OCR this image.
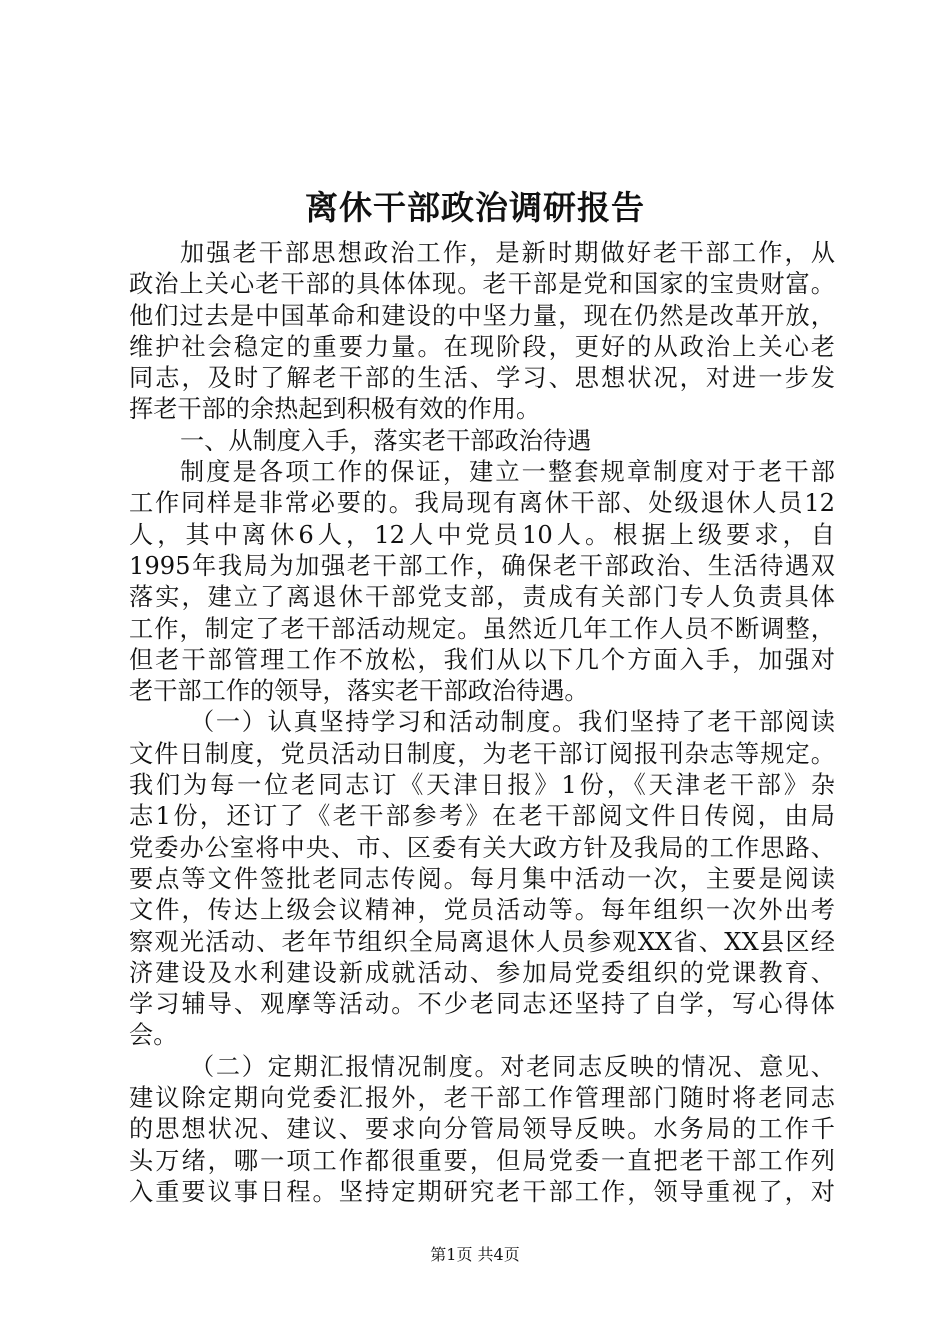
离休干部政治调研报告
加强老干部思想政治工作，是新时期做好老干部工作，从
政治上关心老干部的具体体现。老干部是党和国家的宝贵财富。
他们过去是中国革命和建设的中坚力量，现在仍然是改革开放，
维护社会稳定的重要力量。在现阶段，更好的从政治上关心老
同志，及时了解老干部的生活、学习、思想状况，对进一步发
挥老干部的余热起到积极有效的作用。
一、从制度入手，落实老干部政治待遇
制度是各项工作的保证，建立一整套规章制度对于老干部
工作同样是非常必要的。我局现有离休干部、处级退休人员12
人，其中离休6人，12人中党员10人。根据上级要求，自
1995年我局为加强老干部工作，确保老干部政治、生活待遇双
落实，建立了离退休干部党支部，责成有关部门专人负责具体
工作，制定了老干部活动规定。虽然近几年工作人员不断调整，
但老干部管理工作不放松，我们从以下几个方面入手，加强对
老干部工作的领导，落实老干部政治待遇。
（一）认真坚持学习和活动制度。我们坚持了老干部阅读
文件日制度，党员活动日制度，为老干部订阅报刊杂志等规定。
我们为每一位老同志订《天津日报》1份，《天津老干部》杂
志1份，还订了《老干部参考》在老干部阅文件日传阅，由局
党委办公室将中央、市、区委有关大政方针及我局的工作思路、
要点等文件签批老同志传阅。每月集中活动一次，主要是阅读
文件，传达上级会议精神，党员活动等。每年组织一次外出考
察观光活动、老年节组织全局离退休人员参观XX省、XX县区经
济建设及水利建设新成就活动、参加局党委组织的党课教育、
学习辅导、观摩等活动。不少老同志还坚持了自学，写心得体
会。
（二）定期汇报情况制度。对老同志反映的情况、意见、
建议除定期向党委汇报外，老干部工作管理部门随时将老同志
的思想状况、建议、要求向分管局领导反映。水务局的工作千
头万绪，哪一项工作都很重要，但局党委一直把老干部工作列
入重要议事日程。坚持定期研究老干部工作，领导重视了，对
第1页 共4页
